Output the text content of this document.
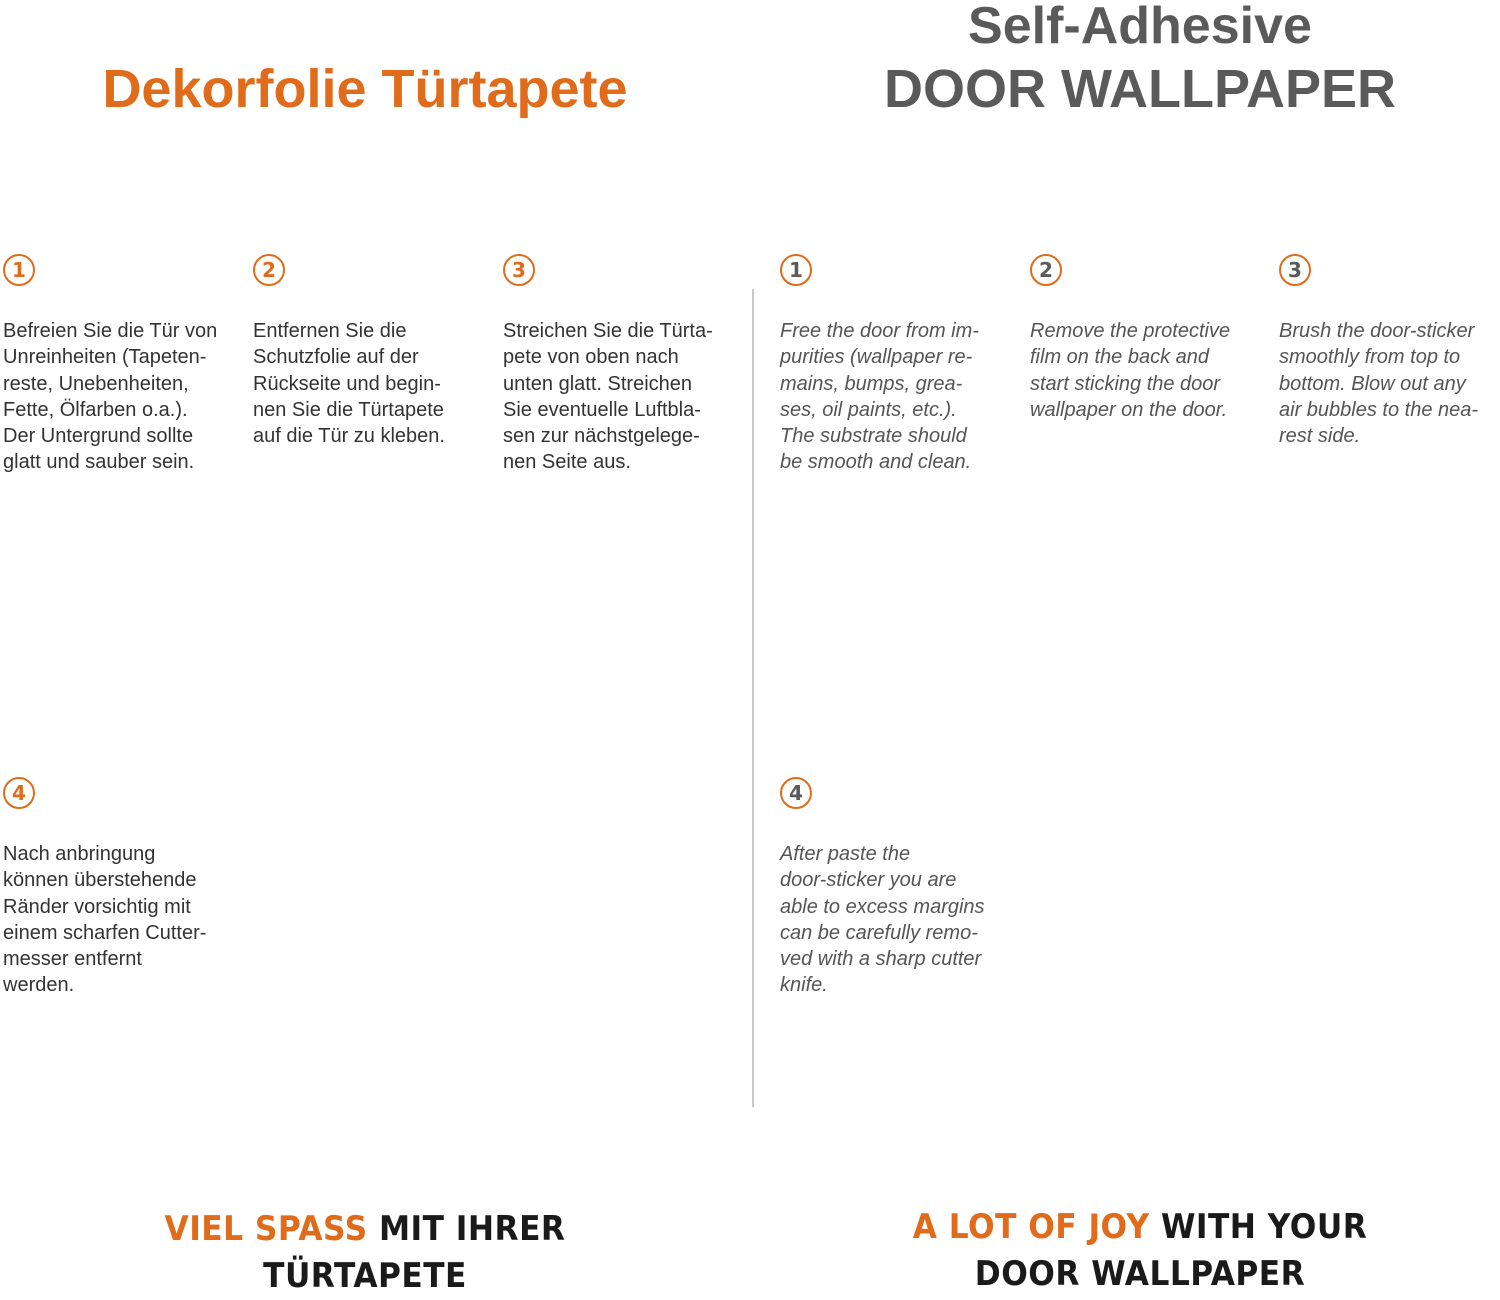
Dekorfolie Türtapete
Self-Adhesive
DOOR WALLPAPER
1

Befreien Sie die Tür von
Unreinheiten (Tapeten-
reste, Unebenheiten,
Fette, Ölfarben o.a.).
Der Untergrund sollte
glatt und sauber sein.

2

Entfernen Sie die
Schutzfolie auf der
Rückseite und begin-
nen Sie die Türtapete
auf die Tür zu kleben.

3

Streichen Sie die Türta-
pete von oben nach
unten glatt. Streichen
Sie eventuelle Luftbla-
sen zur nächstgelege-
nen Seite aus.

4

Nach anbringung
können überstehende
Ränder vorsichtig mit
einem scharfen Cutter-
messer entfernt
werden.

1

Free the door from im-
purities (wallpaper re-
mains, bumps, grea-
ses, oil paints, etc.).
The substrate should
be smooth and clean.

2

Remove the protective
film on the back and
start sticking the door
wallpaper on the door.

3

Brush the door-sticker
smoothly from top to
bottom. Blow out any
air bubbles to the nea-
rest side.

4

After paste the
door-sticker you are
able to excess margins
can be carefully remo-
ved with a sharp cutter
knife.

VIEL SPASS MIT IHRER
TÜRTAPETE

A LOT OF JOY WITH YOUR
DOOR WALLPAPER
